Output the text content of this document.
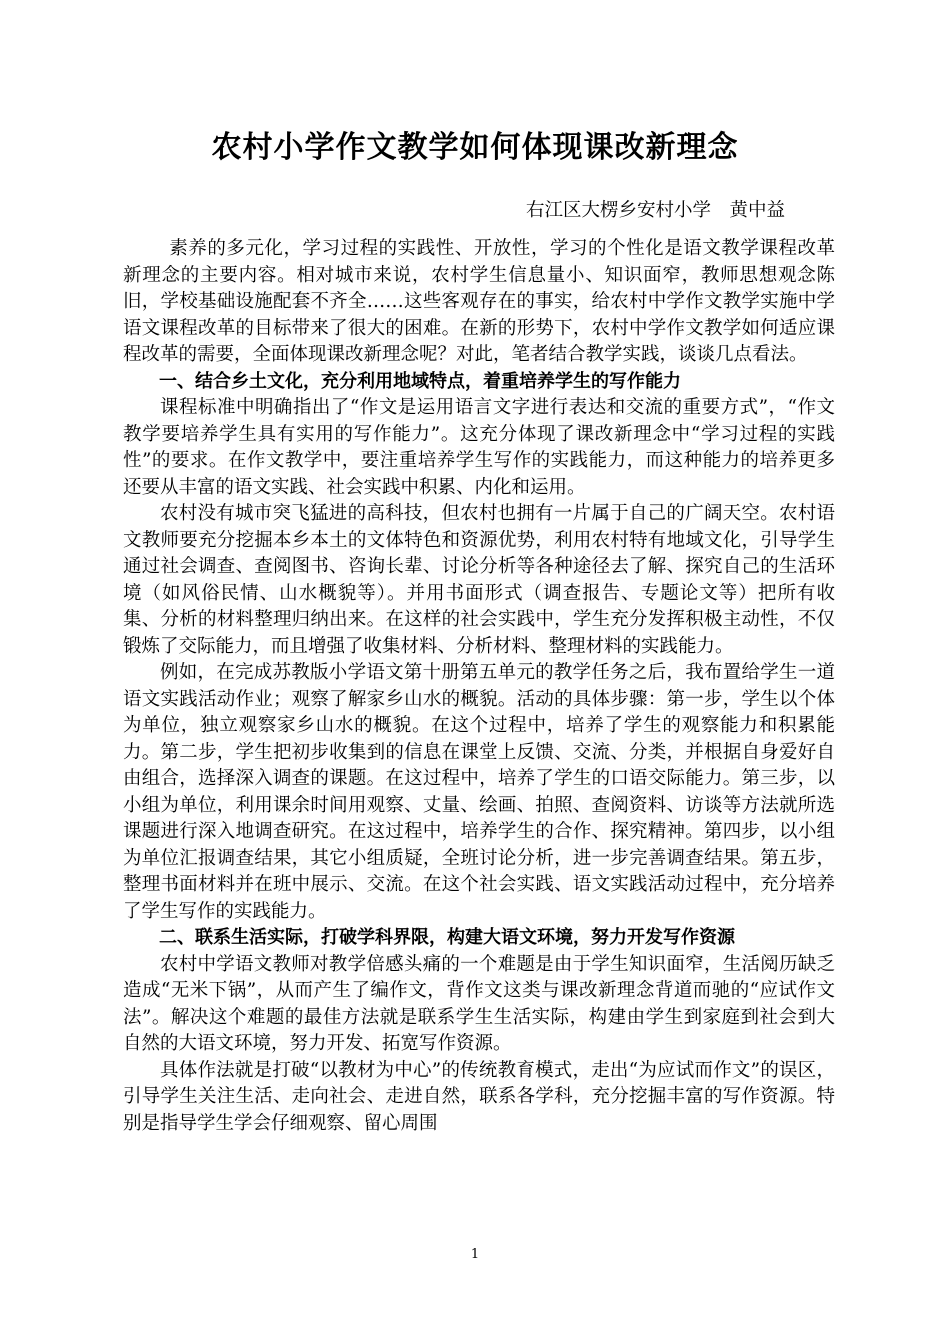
农村小学作文教学如何体现课改新理念

右江区大楞乡安村小学　黄中益

素养的多元化，学习过程的实践性、开放性，学习的个性化是语文教学课程改革新理念的主要内容。相对城市来说，农村学生信息量小、知识面窄，教师思想观念陈旧，学校基础设施配套不齐全……这些客观存在的事实，给农村中学作文教学实施中学语文课程改革的目标带来了很大的困难。在新的形势下，农村中学作文教学如何适应课程改革的需要，全面体现课改新理念呢？对此，笔者结合教学实践，谈谈几点看法。

一、结合乡土文化，充分利用地域特点，着重培养学生的写作能力

课程标准中明确指出了“作文是运用语言文字进行表达和交流的重要方式”，“作文教学要培养学生具有实用的写作能力”。这充分体现了课改新理念中“学习过程的实践性”的要求。在作文教学中，要注重培养学生写作的实践能力，而这种能力的培养更多还要从丰富的语文实践、社会实践中积累、内化和运用。

农村没有城市突飞猛进的高科技，但农村也拥有一片属于自己的广阔天空。农村语文教师要充分挖掘本乡本土的文体特色和资源优势，利用农村特有地域文化，引导学生通过社会调查、查阅图书、咨询长辈、讨论分析等各种途径去了解、探究自己的生活环境（如风俗民情、山水概貌等）。并用书面形式（调查报告、专题论文等）把所有收集、分析的材料整理归纳出来。在这样的社会实践中，学生充分发挥积极主动性，不仅锻炼了交际能力，而且增强了收集材料、分析材料、整理材料的实践能力。

例如，在完成苏教版小学语文第十册第五单元的教学任务之后，我布置给学生一道语文实践活动作业；观察了解家乡山水的概貌。活动的具体步骤：第一步，学生以个体为单位，独立观察家乡山水的概貌。在这个过程中，培养了学生的观察能力和积累能力。第二步，学生把初步收集到的信息在课堂上反馈、交流、分类，并根据自身爱好自由组合，选择深入调查的课题。在这过程中，培养了学生的口语交际能力。第三步，以小组为单位，利用课余时间用观察、丈量、绘画、拍照、查阅资料、访谈等方法就所选课题进行深入地调查研究。在这过程中，培养学生的合作、探究精神。第四步，以小组为单位汇报调查结果，其它小组质疑，全班讨论分析，进一步完善调查结果。第五步，整理书面材料并在班中展示、交流。在这个社会实践、语文实践活动过程中，充分培养了学生写作的实践能力。

二、联系生活实际，打破学科界限，构建大语文环境，努力开发写作资源

农村中学语文教师对教学倍感头痛的一个难题是由于学生知识面窄，生活阅历缺乏造成“无米下锅”，从而产生了编作文，背作文这类与课改新理念背道而驰的“应试作文法”。解决这个难题的最佳方法就是联系学生生活实际，构建由学生到家庭到社会到大自然的大语文环境，努力开发、拓宽写作资源。

具体作法就是打破“以教材为中心”的传统教育模式，走出“为应试而作文”的误区，引导学生关注生活、走向社会、走进自然，联系各学科，充分挖掘丰富的写作资源。特别是指导学生学会仔细观察、留心周围

1
